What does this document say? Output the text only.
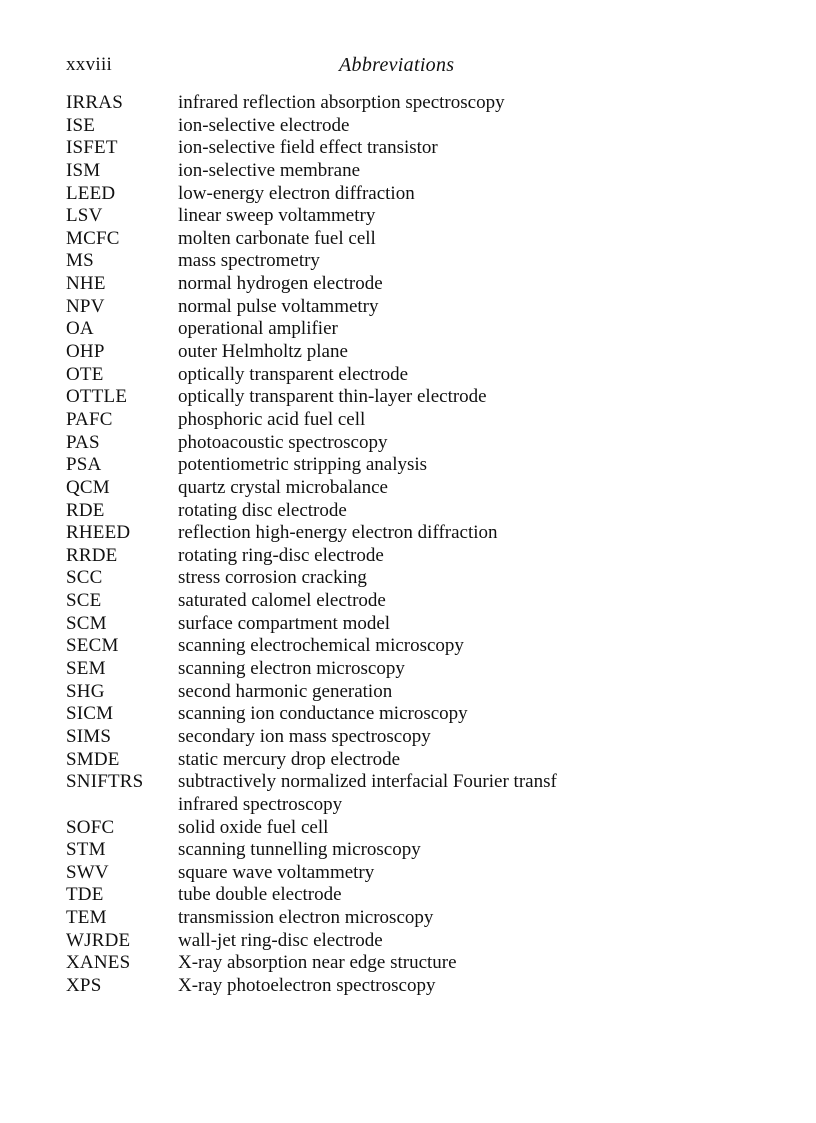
xxviii	Abbreviations
IRRAS	infrared reflection absorption spectroscopy
ISE	ion-selective electrode
ISFET	ion-selective field effect transistor
ISM	ion-selective membrane
LEED	low-energy electron diffraction
LSV	linear sweep voltammetry
MCFC	molten carbonate fuel cell
MS	mass spectrometry
NHE	normal hydrogen electrode
NPV	normal pulse voltammetry
OA	operational amplifier
OHP	outer Helmholtz plane
OTE	optically transparent electrode
OTTLE	optically transparent thin-layer electrode
PAFC	phosphoric acid fuel cell
PAS	photoacoustic spectroscopy
PSA	potentiometric stripping analysis
QCM	quartz crystal microbalance
RDE	rotating disc electrode
RHEED	reflection high-energy electron diffraction
RRDE	rotating ring-disc electrode
SCC	stress corrosion cracking
SCE	saturated calomel electrode
SCM	surface compartment model
SECM	scanning electrochemical microscopy
SEM	scanning electron microscopy
SHG	second harmonic generation
SICM	scanning ion conductance microscopy
SIMS	secondary ion mass spectroscopy
SMDE	static mercury drop electrode
SNIFTRS	subtractively normalized interfacial Fourier transf
infrared spectroscopy
SOFC	solid oxide fuel cell
STM	scanning tunnelling microscopy
SWV	square wave voltammetry
TDE	tube double electrode
TEM	transmission electron microscopy
WJRDE	wall-jet ring-disc electrode
XANES	X-ray absorption near edge structure
XPS	X-ray photoelectron spectroscopy
